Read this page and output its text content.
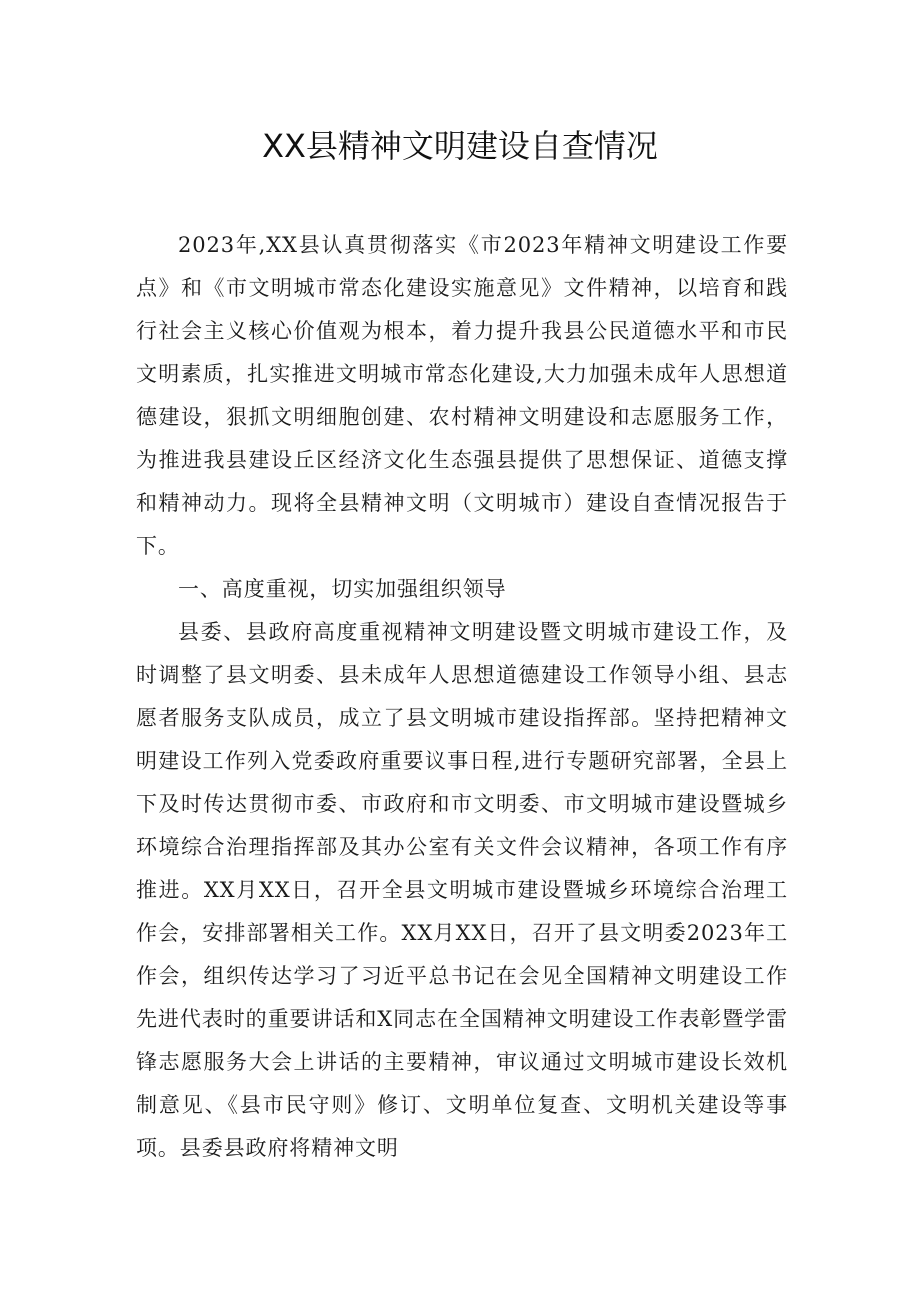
XX县精神文明建设自查情况

2023年,XX县认真贯彻落实《市2023年精神文明建设工作要点》和《市文明城市常态化建设实施意见》文件精神，以培育和践行社会主义核心价值观为根本，着力提升我县公民道德水平和市民文明素质，扎实推进文明城市常态化建设,大力加强未成年人思想道德建设，狠抓文明细胞创建、农村精神文明建设和志愿服务工作，为推进我县建设丘区经济文化生态强县提供了思想保证、道德支撑和精神动力。现将全县精神文明（文明城市）建设自查情况报告于下。

一、高度重视，切实加强组织领导

县委、县政府高度重视精神文明建设暨文明城市建设工作，及时调整了县文明委、县未成年人思想道德建设工作领导小组、县志愿者服务支队成员，成立了县文明城市建设指挥部。坚持把精神文明建设工作列入党委政府重要议事日程,进行专题研究部署，全县上下及时传达贯彻市委、市政府和市文明委、市文明城市建设暨城乡环境综合治理指挥部及其办公室有关文件会议精神，各项工作有序推进。XX月XX日，召开全县文明城市建设暨城乡环境综合治理工作会，安排部署相关工作。XX月XX日，召开了县文明委2023年工作会，组织传达学习了习近平总书记在会见全国精神文明建设工作先进代表时的重要讲话和X同志在全国精神文明建设工作表彰暨学雷锋志愿服务大会上讲话的主要精神，审议通过文明城市建设长效机制意见、《县市民守则》修订、文明单位复查、文明机关建设等事项。县委县政府将精神文明
